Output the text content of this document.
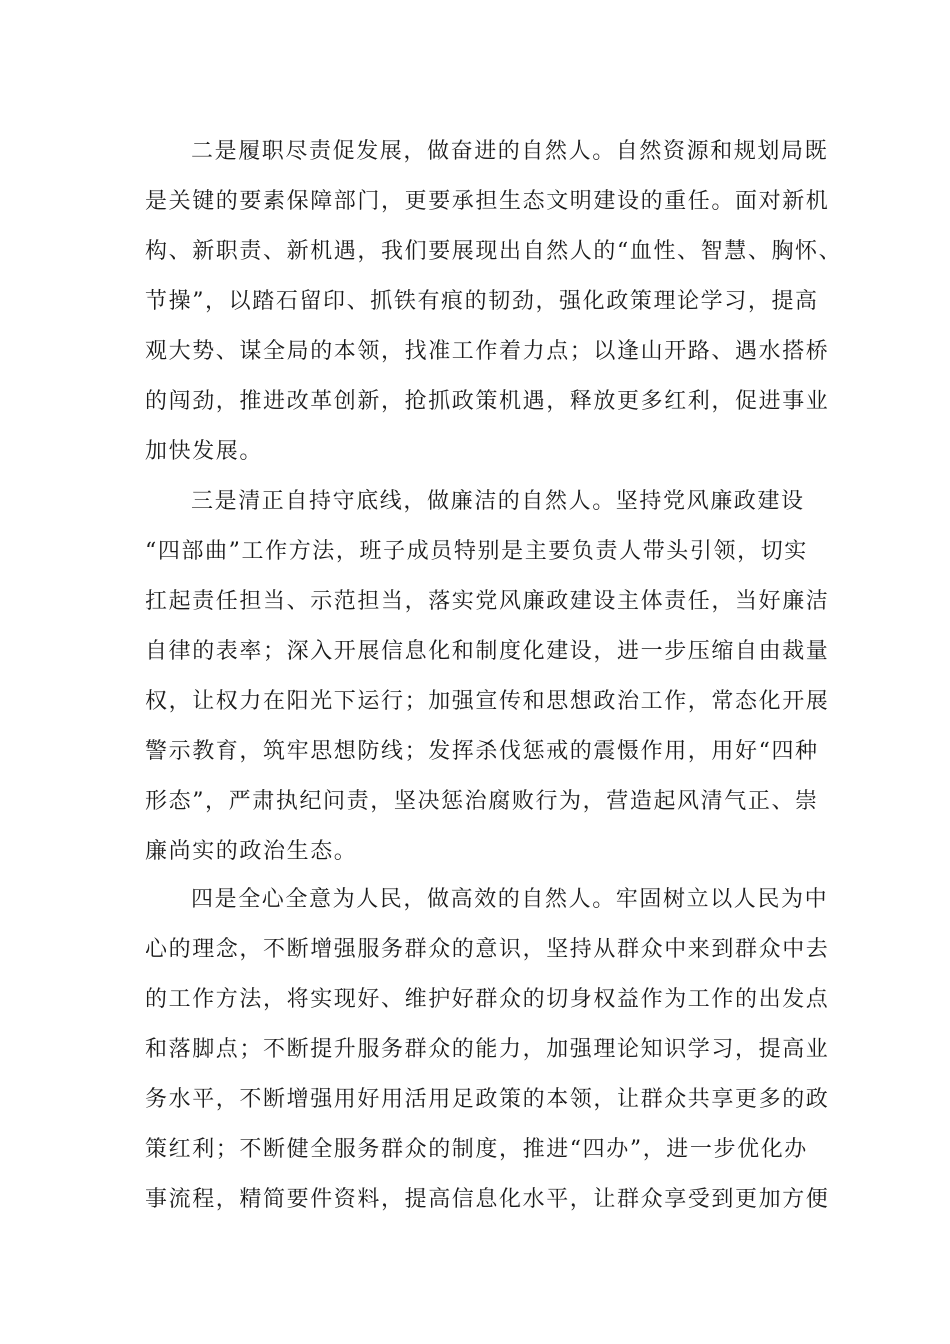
二是履职尽责促发展，做奋进的自然人。自然资源和规划局既
是关键的要素保障部门，更要承担生态文明建设的重任。面对新机
构、新职责、新机遇，我们要展现出自然人的“血性、智慧、胸怀、
节操”，以踏石留印、抓铁有痕的韧劲，强化政策理论学习，提高
观大势、谋全局的本领，找准工作着力点；以逢山开路、遇水搭桥
的闯劲，推进改革创新，抢抓政策机遇，释放更多红利，促进事业
加快发展。
三是清正自持守底线，做廉洁的自然人。坚持党风廉政建设
“四部曲”工作方法，班子成员特别是主要负责人带头引领，切实
扛起责任担当、示范担当，落实党风廉政建设主体责任，当好廉洁
自律的表率；深入开展信息化和制度化建设，进一步压缩自由裁量
权，让权力在阳光下运行；加强宣传和思想政治工作，常态化开展
警示教育，筑牢思想防线；发挥杀伐惩戒的震慑作用，用好“四种
形态”，严肃执纪问责，坚决惩治腐败行为，营造起风清气正、崇
廉尚实的政治生态。
四是全心全意为人民，做高效的自然人。牢固树立以人民为中
心的理念，不断增强服务群众的意识，坚持从群众中来到群众中去
的工作方法，将实现好、维护好群众的切身权益作为工作的出发点
和落脚点；不断提升服务群众的能力，加强理论知识学习，提高业
务水平，不断增强用好用活用足政策的本领，让群众共享更多的政
策红利；不断健全服务群众的制度，推进“四办”，进一步优化办
事流程，精简要件资料，提高信息化水平，让群众享受到更加方便
